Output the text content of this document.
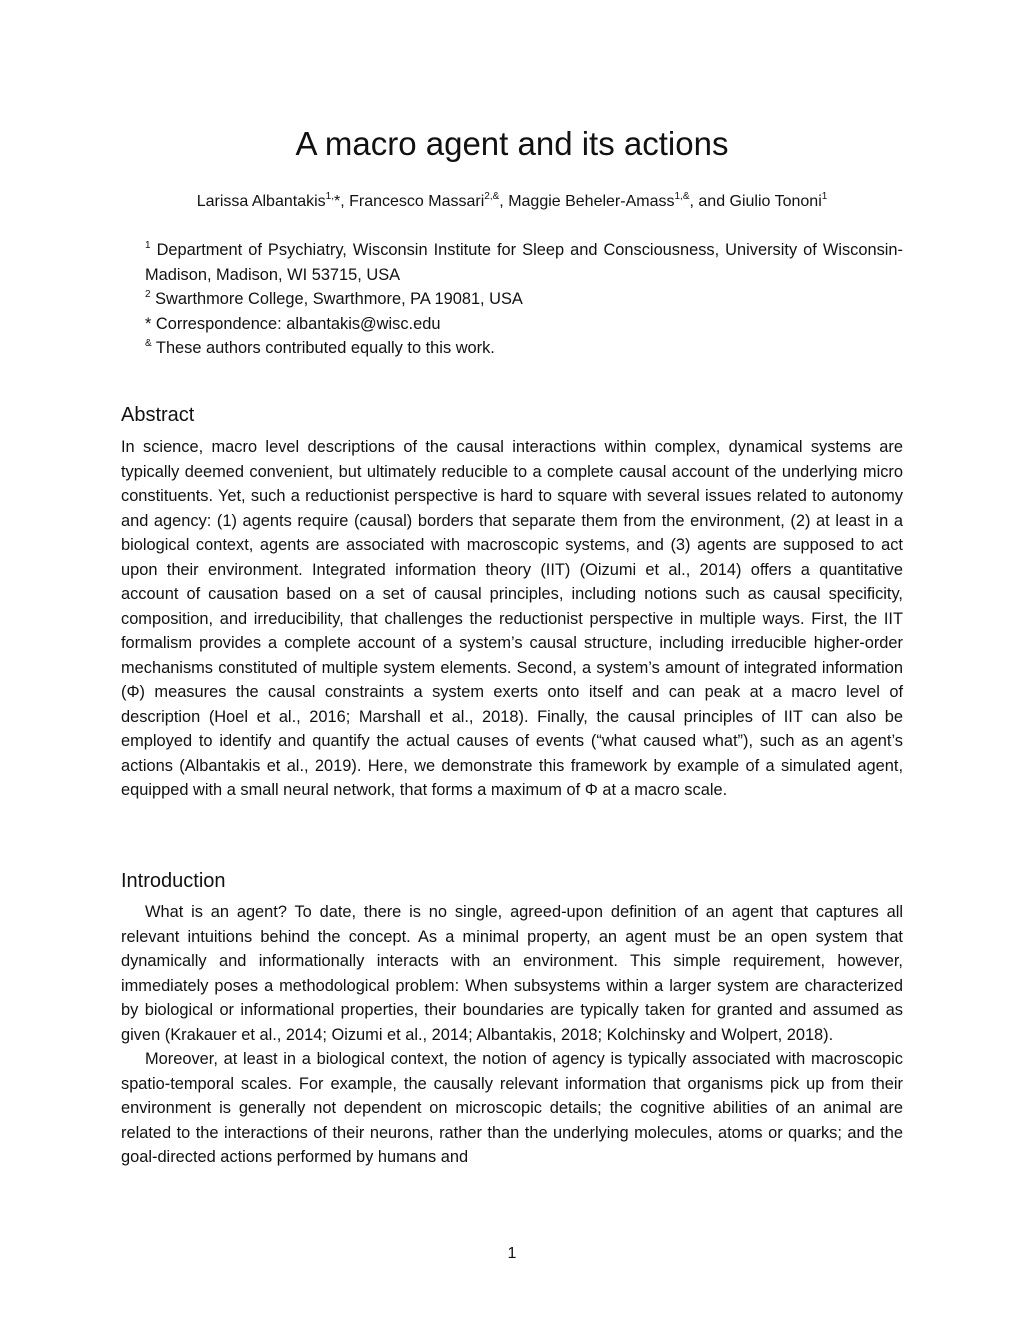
A macro agent and its actions

Larissa Albantakis$^{1,}$*, Francesco Massari$^{2,\&}$, Maggie Beheler-Amass$^{1,\&}$, and Giulio Tononi$^1$

$^1$ Department of Psychiatry, Wisconsin Institute for Sleep and Consciousness, University of Wisconsin-Madison, Madison, WI 53715, USA

$^2$ Swarthmore College, Swarthmore, PA 19081, USA

* Correspondence: albantakis@wisc.edu

& These authors contributed equally to this work.

Abstract

In science, macro level descriptions of the causal interactions within complex, dynamical systems are typically deemed convenient, but ultimately reducible to a complete causal account of the underlying micro constituents. Yet, such a reductionist perspective is hard to square with several issues related to autonomy and agency: (1) agents require (causal) borders that separate them from the environment, (2) at least in a biological context, agents are associated with macroscopic systems, and (3) agents are supposed to act upon their environment. Integrated information theory (IIT) (Oizumi et al., 2014) offers a quantitative account of causation based on a set of causal principles, including notions such as causal specificity, composition, and irreducibility, that challenges the reductionist perspective in multiple ways. First, the IIT formalism provides a complete account of a system’s causal structure, including irreducible higher-order mechanisms constituted of multiple system elements. Second, a system’s amount of integrated information (Φ) measures the causal constraints a system exerts onto itself and can peak at a macro level of description (Hoel et al., 2016; Marshall et al., 2018). Finally, the causal principles of IIT can also be employed to identify and quantify the actual causes of events (“what caused what”), such as an agent’s actions (Albantakis et al., 2019). Here, we demonstrate this framework by example of a simulated agent, equipped with a small neural network, that forms a maximum of Φ at a macro scale.

Introduction

What is an agent? To date, there is no single, agreed-upon definition of an agent that captures all relevant intuitions behind the concept. As a minimal property, an agent must be an open system that dynamically and informationally interacts with an environment. This simple requirement, however, immediately poses a methodological problem: When subsystems within a larger system are characterized by biological or informational properties, their boundaries are typically taken for granted and assumed as given (Krakauer et al., 2014; Oizumi et al., 2014; Albantakis, 2018; Kolchinsky and Wolpert, 2018).

Moreover, at least in a biological context, the notion of agency is typically associated with macroscopic spatio-temporal scales. For example, the causally relevant information that organisms pick up from their environment is generally not dependent on microscopic details; the cognitive abilities of an animal are related to the interactions of their neurons, rather than the underlying molecules, atoms or quarks; and the goal-directed actions performed by humans and

1
